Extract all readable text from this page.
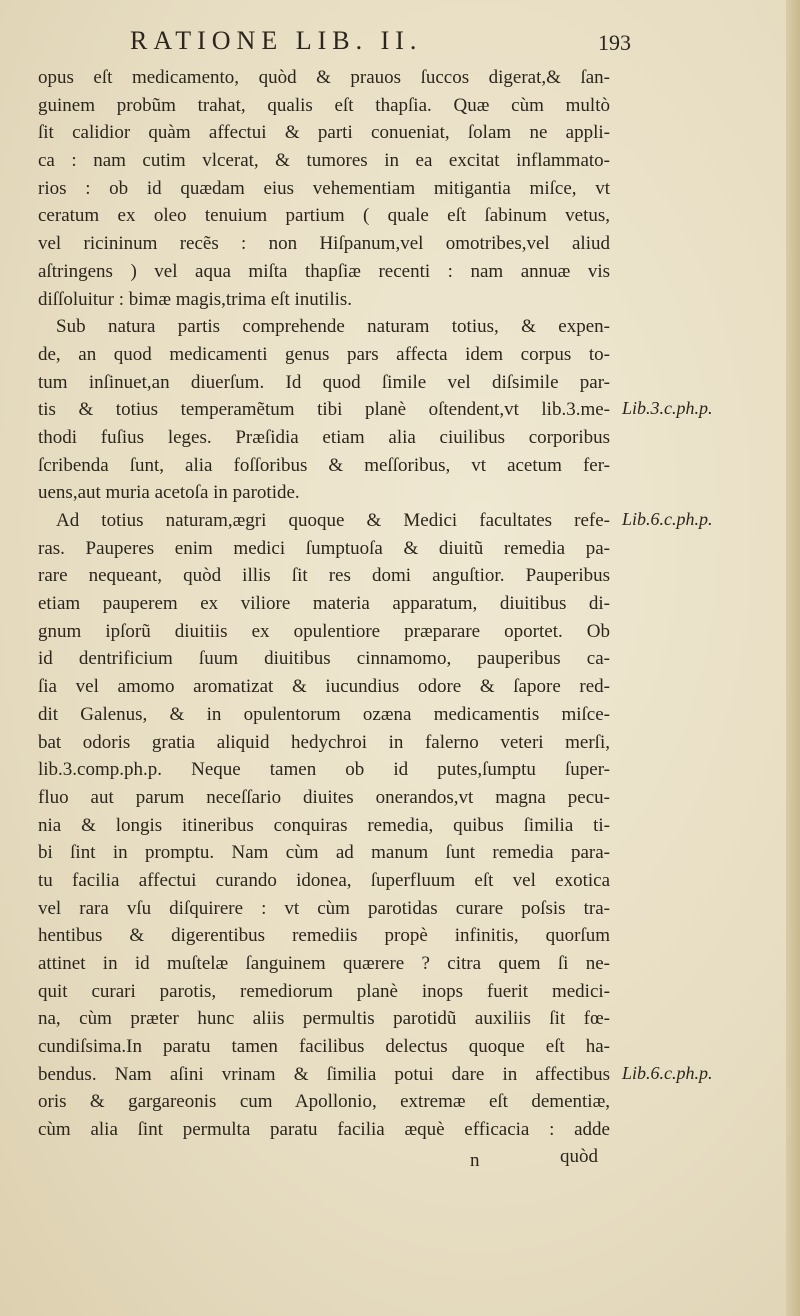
RATIONE LIB. II.	193
opus eſt medicamento, quòd & prauos ſuccos digerat,& ſan-
guinem probũm trahat, qualis eſt thapſia. Quæ cùm multò
ſit calidior quàm affectui & parti conueniat, ſolam ne appli-
ca : nam cutim vlcerat, & tumores in ea excitat inflammato-
rios : ob id quædam eius vehementiam mitigantia miſce, vt
ceratum ex oleo tenuium partium ( quale eſt ſabinum vetus,
vel ricininum recẽs : non Hiſpanum,vel omotribes,vel aliud
aſtringens ) vel aqua miſta thapſiæ recenti : nam annuæ vis
diſſoluitur : bimæ magis,trima eſt inutilis.
Sub natura partis comprehende naturam totius, & expen-
de, an quod medicamenti genus pars affecta idem corpus to-
tum inſinuet,an diuerſum. Id quod ſimile vel diſsimile par-
tis & totius temperamẽtum tibi planè oſtendent,vt lib.3.me-
thodi fuſius leges. Præſidia etiam alia ciuilibus corporibus
ſcribenda ſunt, alia foſſoribus & meſſoribus, vt acetum fer-
uens,aut muria acetoſa in parotide.
Ad totius naturam,ægri quoque & Medici facultates refe-
ras. Pauperes enim medici ſumptuoſa & diuitũ remedia pa-
rare nequeant, quòd illis ſit res domi anguſtior. Pauperibus
etiam pauperem ex viliore materia apparatum, diuitibus di-
gnum ipſorũ diuitiis ex opulentiore præparare oportet. Ob
id dentrificium ſuum diuitibus cinnamomo, pauperibus ca-
ſia vel amomo aromatizat & iucundius odore & ſapore red-
dit Galenus, & in opulentorum ozæna medicamentis miſce-
bat odoris gratia aliquid hedychroi in falerno veteri merſi,
lib.3.comp.ph.p. Neque tamen ob id putes,ſumptu ſuper-
fluo aut parum neceſſario diuites onerandos,vt magna pecu-
nia & longis itineribus conquiras remedia, quibus ſimilia ti-
bi ſint in promptu. Nam cùm ad manum ſunt remedia para-
tu facilia affectui curando idonea, ſuperfluum eſt vel exotica
vel rara vſu diſquirere : vt cùm parotidas curare poſsis tra-
hentibus & digerentibus remediis propè infinitis, quorſum
attinet in id muſtelæ ſanguinem quærere ? citra quem ſi ne-
quit curari parotis, remediorum planè inops fuerit medici-
na, cùm præter hunc aliis permultis parotidũ auxiliis ſit fœ-
cundiſsima.In paratu tamen facilibus delectus quoque eſt ha-
bendus. Nam aſini vrinam & ſimilia potui dare in affectibus
oris & gargareonis cum Apollonio, extremæ eſt dementiæ,
cùm alia ſint permulta paratu facilia æquè efficacia : adde
Lib.3.c.ph.p.
Lib.6.c.ph.p.
Lib.6.c.ph.p.
n	quòd
